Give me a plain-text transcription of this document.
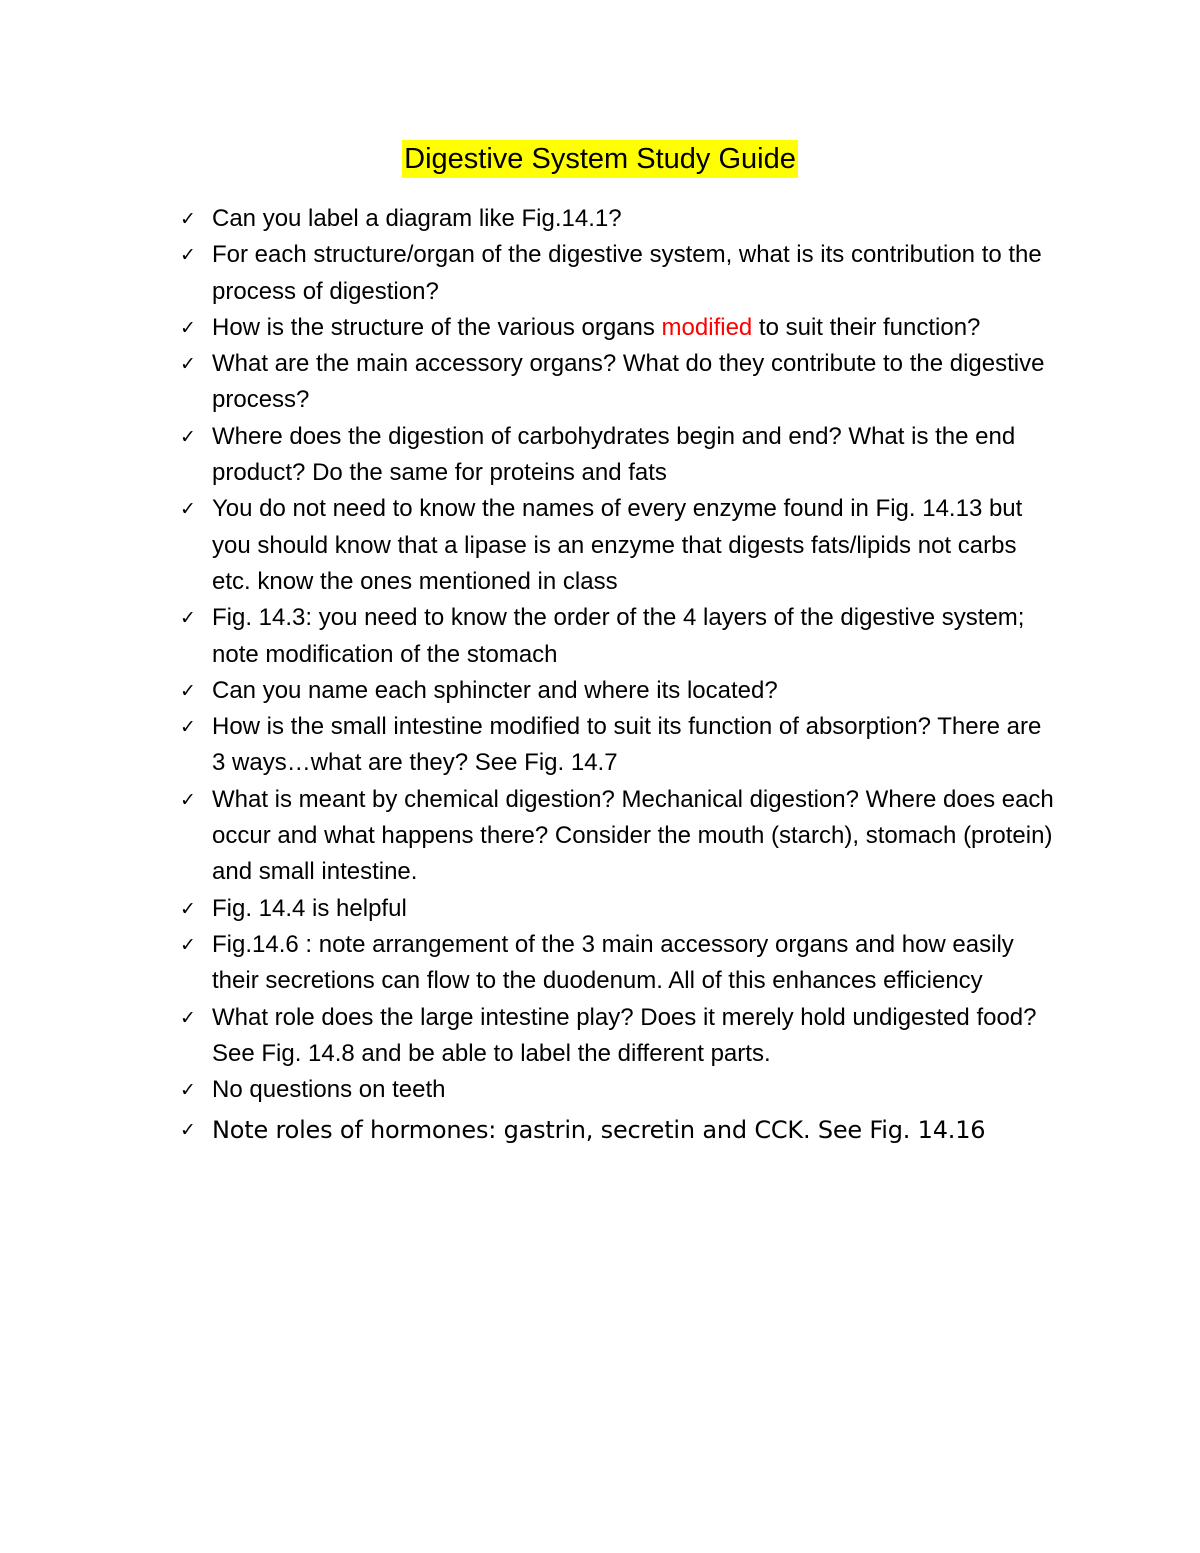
Digestive System Study Guide
✓ Can you label a diagram like Fig.14.1?
✓ For each structure/organ of the digestive system, what is its contribution to the process of digestion?
✓ How is the structure of the various organs modified to suit their function?
✓ What are the main accessory organs? What do they contribute to the digestive process?
✓ Where does the digestion of carbohydrates begin and end? What is the end product? Do the same for proteins and fats
✓ You do not need to know the names of every enzyme found in Fig. 14.13 but you should know that a lipase is an enzyme that digests fats/lipids not carbs etc. know the ones mentioned in class
✓ Fig. 14.3: you need to know the order of the 4 layers of the digestive system; note modification of the stomach
✓ Can you name each sphincter and where its located?
✓ How is the small intestine modified to suit its function of absorption? There are 3 ways…what are they? See Fig. 14.7
✓ What is meant by chemical digestion? Mechanical digestion? Where does each occur and what happens there? Consider the mouth (starch), stomach (protein) and small intestine.
✓ Fig. 14.4 is helpful
✓ Fig.14.6 : note arrangement of the 3 main accessory organs and how easily their secretions can flow to the duodenum. All of this enhances efficiency
✓ What role does the large intestine play? Does it merely hold undigested food? See Fig. 14.8 and be able to label the different parts.
✓ No questions on teeth
✓ Note roles of hormones: gastrin, secretin and CCK. See Fig. 14.16
